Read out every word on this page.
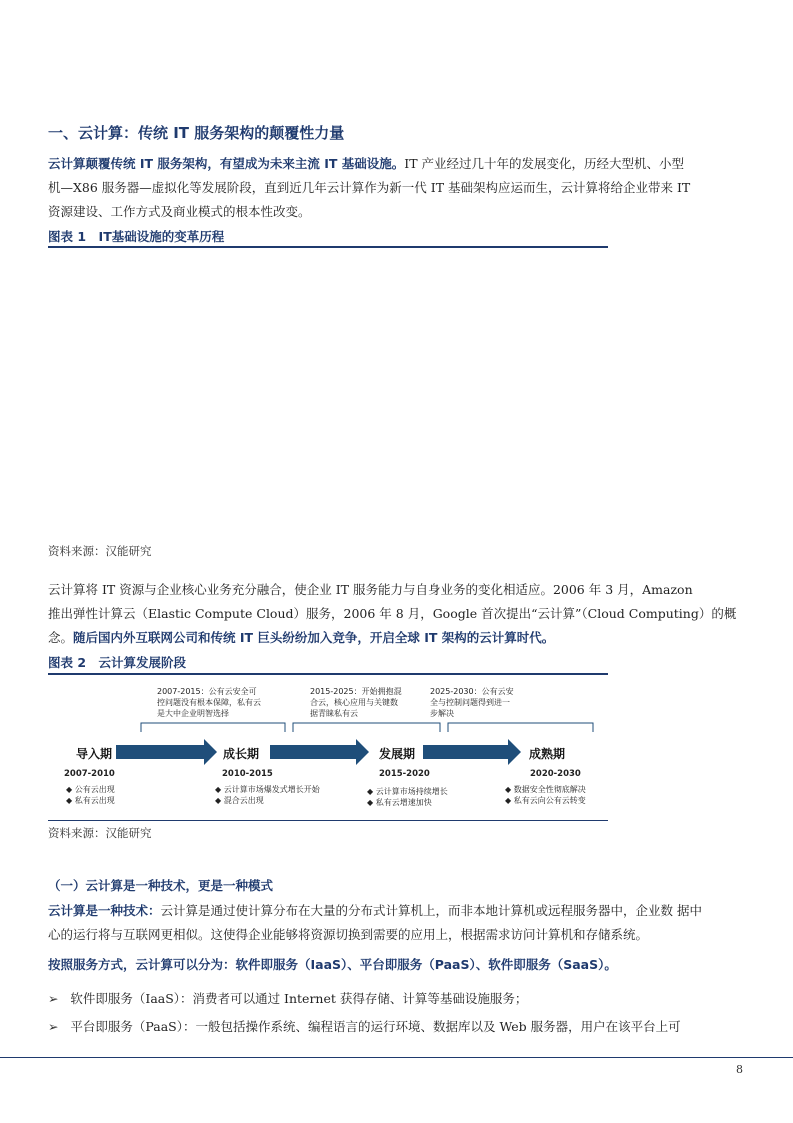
一、云计算：传统 IT 服务架构的颠覆性力量
云计算颠覆传统 IT 服务架构，有望成为未来主流 IT 基础设施。IT 产业经过几十年的发展变化，历经大型机、小型
机—X86 服务器—虚拟化等发展阶段，直到近几年云计算作为新一代 IT 基础架构应运而生，云计算将给企业带来 IT
资源建设、工作方式及商业模式的根本性改变。
图表 1　IT基础设施的变革历程
资料来源：汉能研究
云计算将 IT 资源与企业核心业务充分融合，使企业 IT 服务能力与自身业务的变化相适应。2006 年 3 月，Amazon
推出弹性计算云（Elastic Compute Cloud）服务，2006 年 8 月，Google 首次提出“云计算”（Cloud Computing）的概
念。随后国内外互联网公司和传统 IT 巨头纷纷加入竞争，开启全球 IT 架构的云计算时代。
图表 2　云计算发展阶段
2007-2015：公有云安全可
控问题没有根本保障，私有云
是大中企业明智选择
2015-2025：开始拥抱混
合云，核心应用与关键数
据青睐私有云
2025-2030：公有云安
全与控制问题得到进一
步解决
导入期	成长期	发展期	成熟期
2007-2010	2010-2015	2015-2020	2020-2030
◆ 公有云出现
◆ 私有云出现
◆ 云计算市场爆发式增长开始
◆ 混合云出现
◆ 云计算市场持续增长
◆ 私有云增速加快
◆ 数据安全性彻底解决
◆ 私有云向公有云转变
资料来源：汉能研究
（一）云计算是一种技术，更是一种模式
云计算是一种技术：云计算是通过使计算分布在大量的分布式计算机上，而非本地计算机或远程服务器中，企业数 据中
心的运行将与互联网更相似。这使得企业能够将资源切换到需要的应用上，根据需求访问计算机和存储系统。
按照服务方式，云计算可以分为：软件即服务（IaaS）、平台即服务（PaaS）、软件即服务（SaaS）。
➢ 软件即服务（IaaS）：消费者可以通过 Internet 获得存储、计算等基础设施服务；
➢ 平台即服务（PaaS）：一般包括操作系统、编程语言的运行环境、数据库以及 Web 服务器，用户在该平台上可
8
